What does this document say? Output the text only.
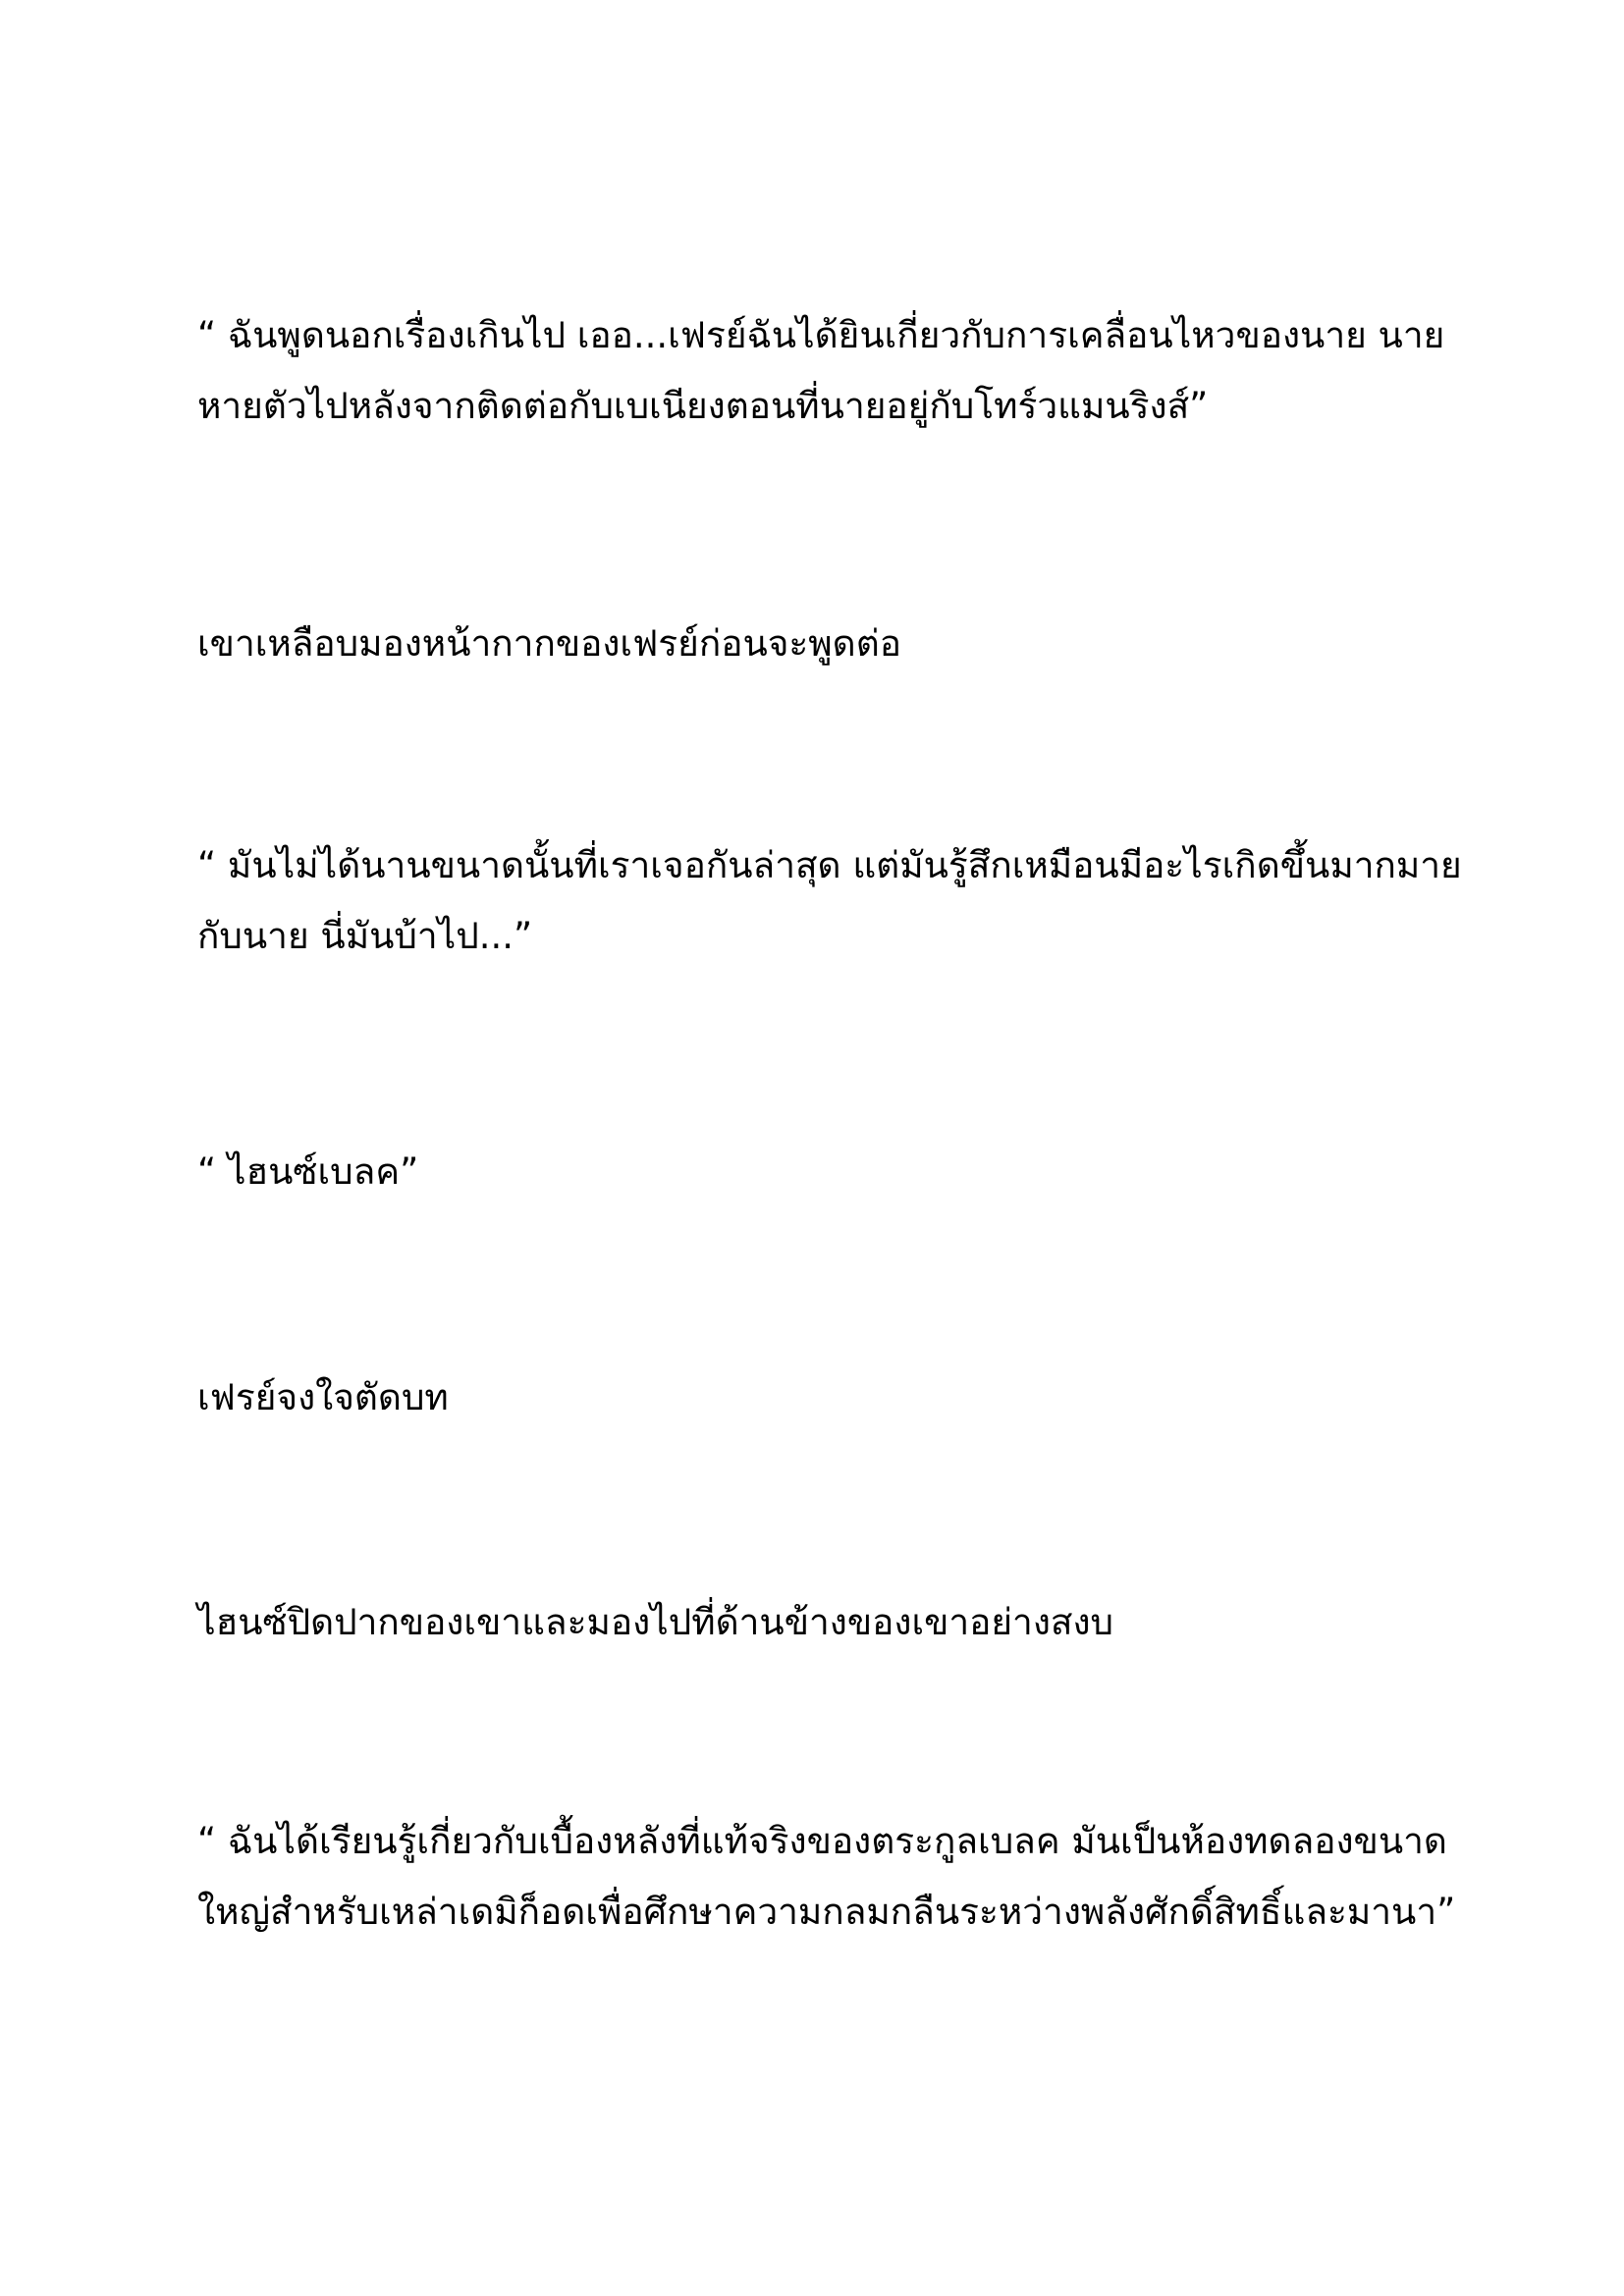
“ ฉันพูดนอกเรื่องเกินไป เออ...เฟรย์ฉันได้ยินเกี่ยวกับการเคลื่อนไหวของนาย นาย
หายตัวไปหลังจากติดต่อกับเบเนียงตอนที่นายอยู่กับโทร์วแมนริงส์”

เขาเหลือบมองหน้ากากของเฟรย์ก่อนจะพูดต่อ

“ มันไม่ได้นานขนาดนั้นที่เราเจอกันล่าสุด แต่มันรู้สึกเหมือนมีอะไรเกิดขึ้นมากมาย
กับนาย นี่มันบ้าไป...”

“ ไฮนซ์เบลค”

เฟรย์จงใจตัดบท

ไฮนซ์ปิดปากของเขาและมองไปที่ด้านข้างของเขาอย่างสงบ

“ ฉันได้เรียนรู้เกี่ยวกับเบื้องหลังที่แท้จริงของตระกูลเบลค มันเป็นห้องทดลองขนาด
ใหญ่สำหรับเหล่าเดมิก็อดเพื่อศึกษาความกลมกลืนระหว่างพลังศักดิ์สิทธิ์และมานา”
